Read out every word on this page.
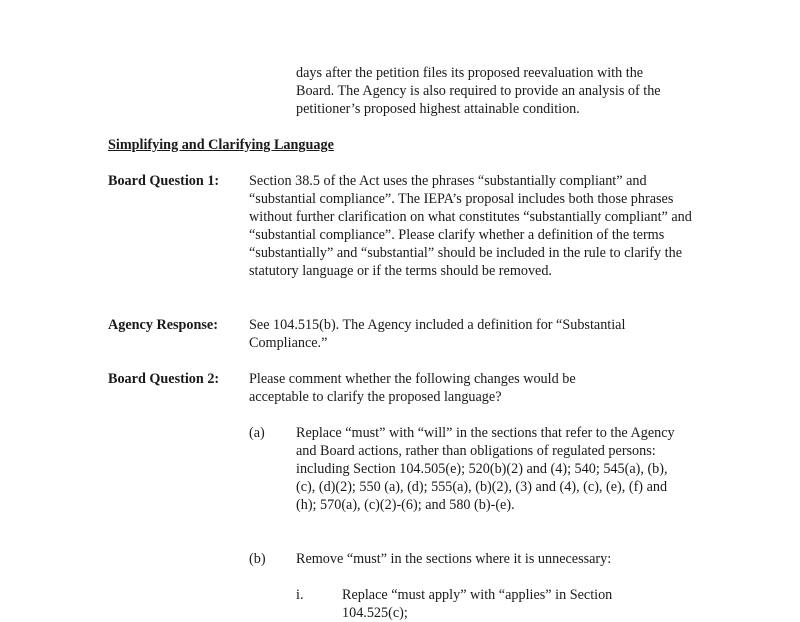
days after the petition files its proposed reevaluation with the Board. The Agency is also required to provide an analysis of the petitioner’s proposed highest attainable condition.

Simplifying and Clarifying Language

Board Question 1:	Section 38.5 of the Act uses the phrases “substantially compliant” and “substantial compliance”. The IEPA’s proposal includes both those phrases without further clarification on what constitutes “substantially compliant” and “substantial compliance”. Please clarify whether a definition of the terms “substantially” and “substantial” should be included in the rule to clarify the statutory language or if the terms should be removed.

Agency Response:	See 104.515(b). The Agency included a definition for “Substantial Compliance.”

Board Question 2:	Please comment whether the following changes would be acceptable to clarify the proposed language?

(a) Replace “must” with “will” in the sections that refer to the Agency and Board actions, rather than obligations of regulated persons: including Section 104.505(e); 520(b)(2) and (4); 540; 545(a), (b), (c), (d)(2); 550 (a), (d); 555(a), (b)(2), (3) and (4), (c), (e), (f) and (h); 570(a), (c)(2)-(6); and 580 (b)-(e).

(b) Remove “must” in the sections where it is unnecessary:

i.	Replace “must apply” with “applies” in Section 104.525(c);
